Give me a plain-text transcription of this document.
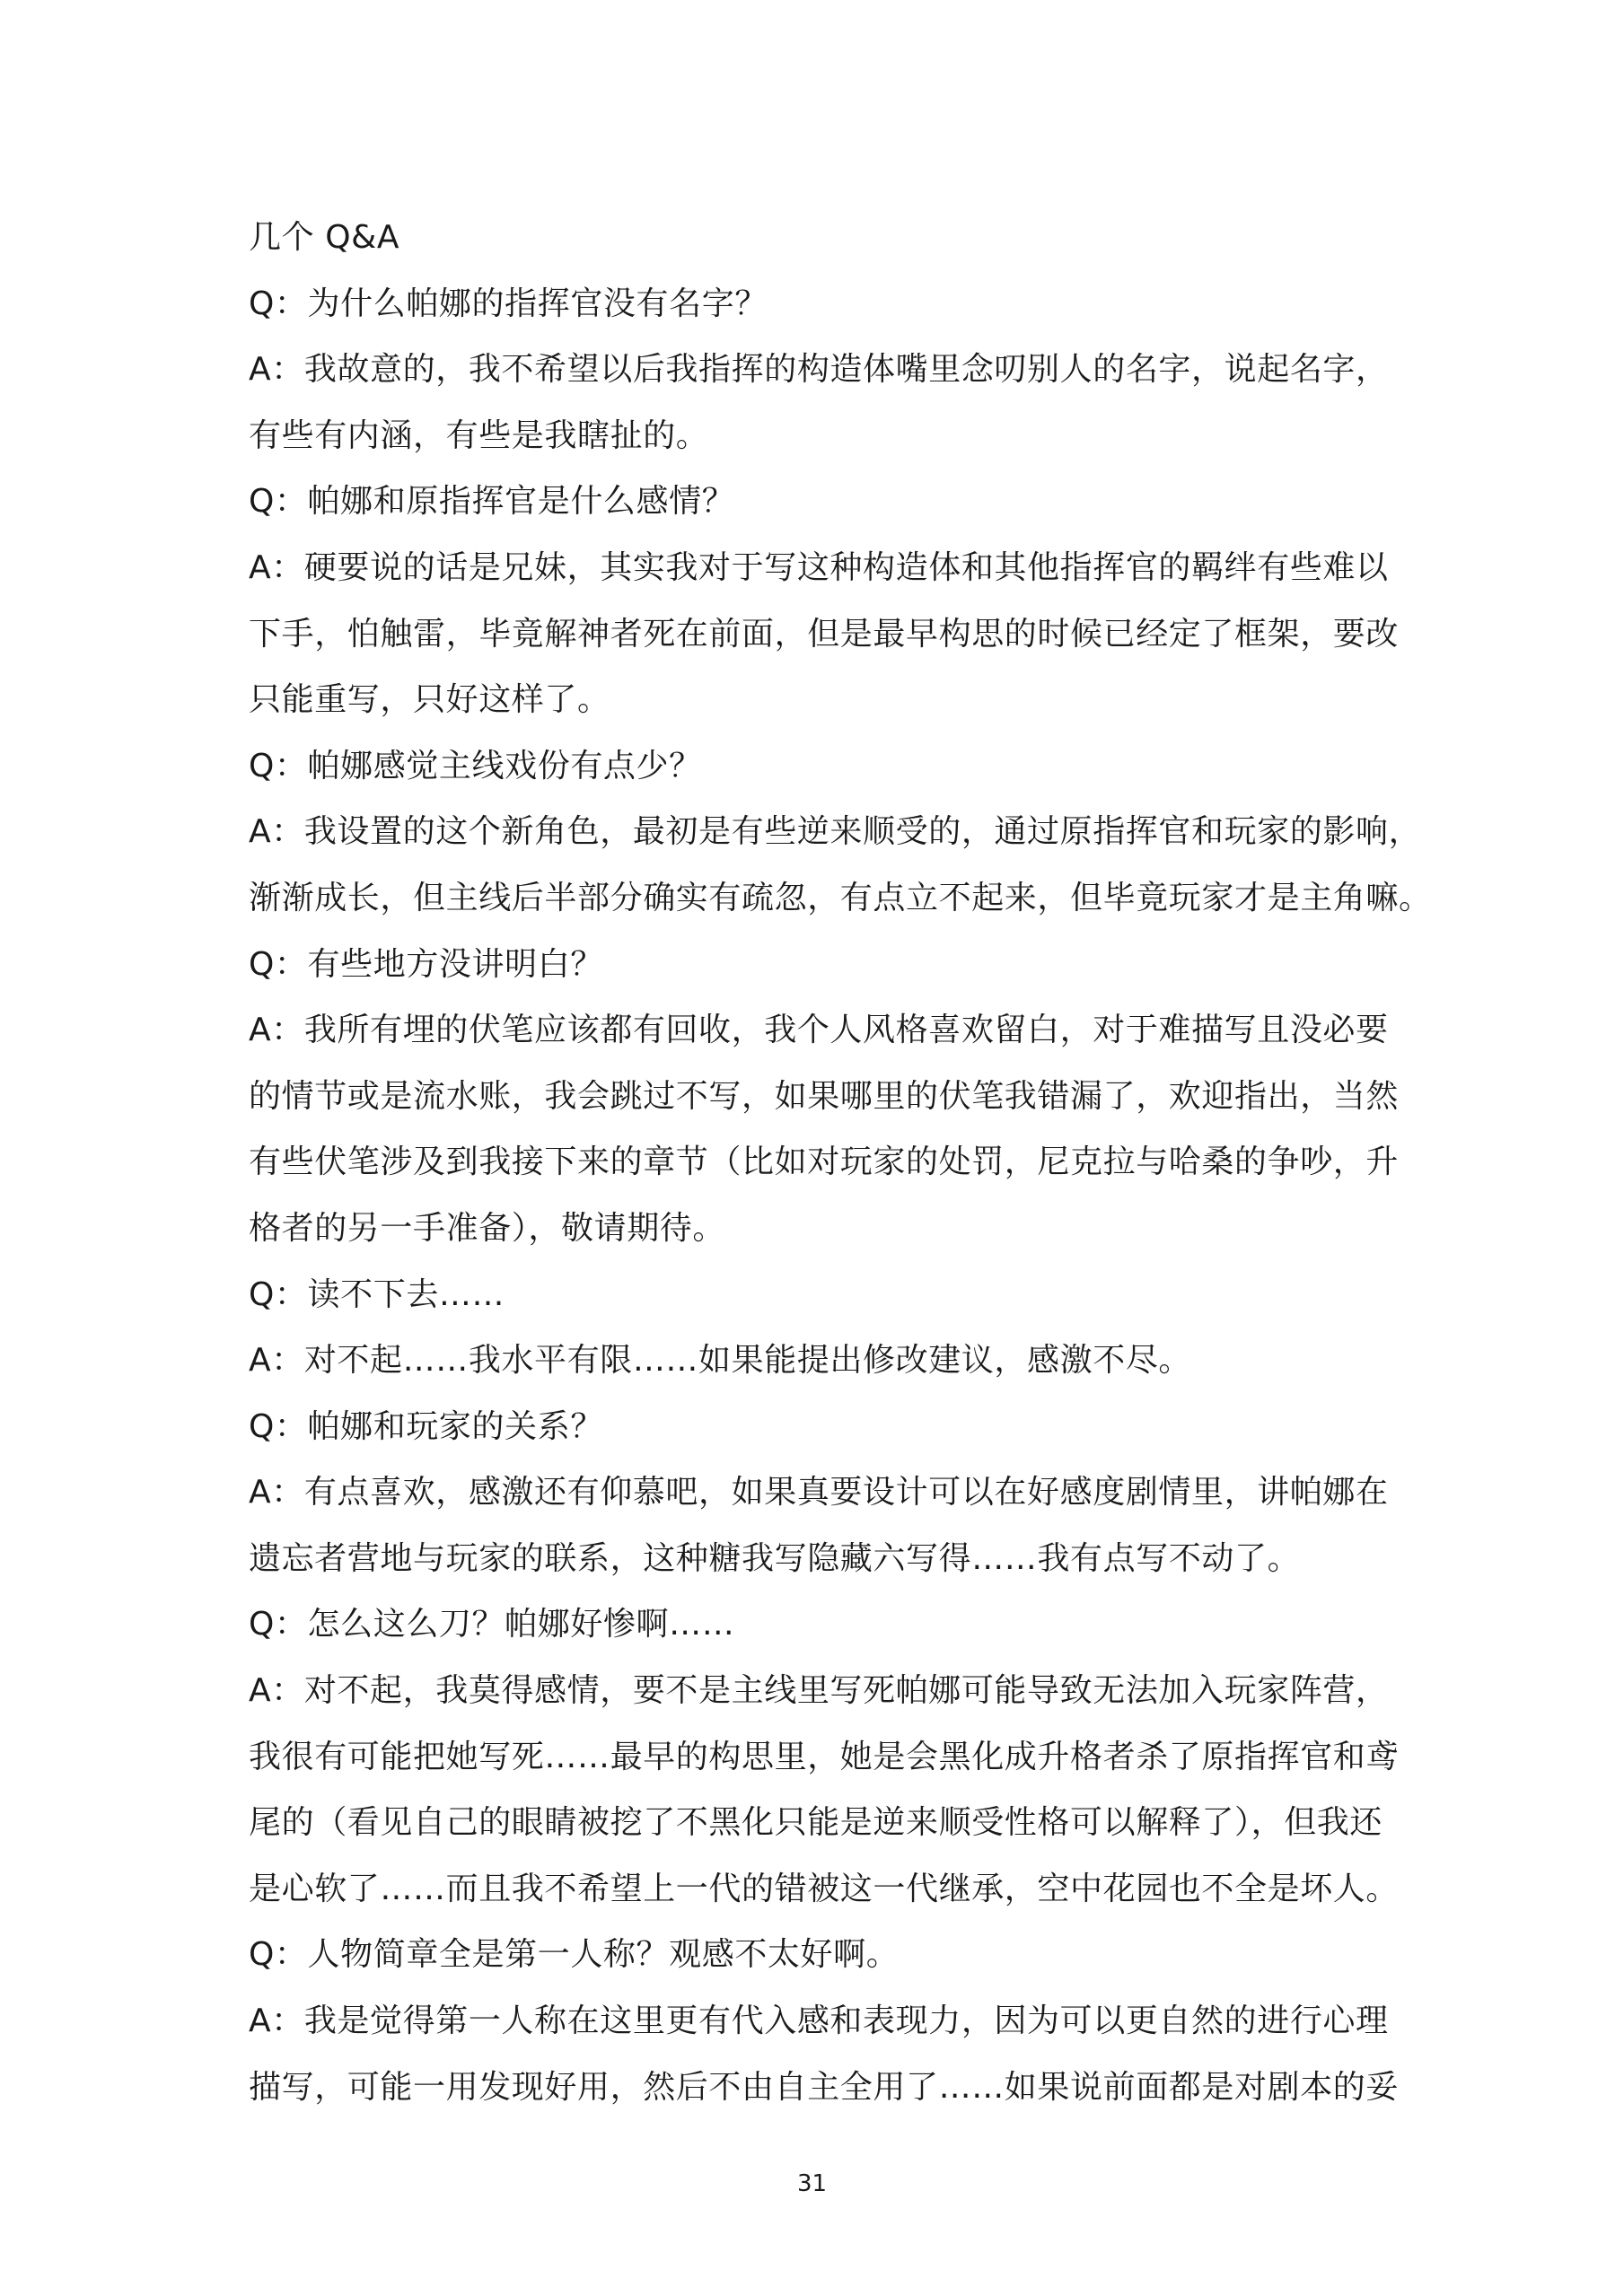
几个 Q&A
Q：为什么帕娜的指挥官没有名字？
A：我故意的，我不希望以后我指挥的构造体嘴里念叨别人的名字，说起名字，
有些有内涵，有些是我瞎扯的。
Q：帕娜和原指挥官是什么感情？
A：硬要说的话是兄妹，其实我对于写这种构造体和其他指挥官的羁绊有些难以
下手，怕触雷，毕竟解神者死在前面，但是最早构思的时候已经定了框架，要改
只能重写，只好这样了。
Q：帕娜感觉主线戏份有点少？
A：我设置的这个新角色，最初是有些逆来顺受的，通过原指挥官和玩家的影响，
渐渐成长，但主线后半部分确实有疏忽，有点立不起来，但毕竟玩家才是主角嘛。
Q：有些地方没讲明白？
A：我所有埋的伏笔应该都有回收，我个人风格喜欢留白，对于难描写且没必要
的情节或是流水账，我会跳过不写，如果哪里的伏笔我错漏了，欢迎指出，当然
有些伏笔涉及到我接下来的章节（比如对玩家的处罚，尼克拉与哈桑的争吵，升
格者的另一手准备），敬请期待。
Q：读不下去……
A：对不起……我水平有限……如果能提出修改建议，感激不尽。
Q：帕娜和玩家的关系？
A：有点喜欢，感激还有仰慕吧，如果真要设计可以在好感度剧情里，讲帕娜在
遗忘者营地与玩家的联系，这种糖我写隐藏六写得……我有点写不动了。
Q：怎么这么刀？帕娜好惨啊……
A：对不起，我莫得感情，要不是主线里写死帕娜可能导致无法加入玩家阵营，
我很有可能把她写死……最早的构思里，她是会黑化成升格者杀了原指挥官和鸢
尾的（看见自己的眼睛被挖了不黑化只能是逆来顺受性格可以解释了），但我还
是心软了……而且我不希望上一代的错被这一代继承，空中花园也不全是坏人。
Q：人物简章全是第一人称？观感不太好啊。
A：我是觉得第一人称在这里更有代入感和表现力，因为可以更自然的进行心理
描写，可能一用发现好用，然后不由自主全用了……如果说前面都是对剧本的妥
31
